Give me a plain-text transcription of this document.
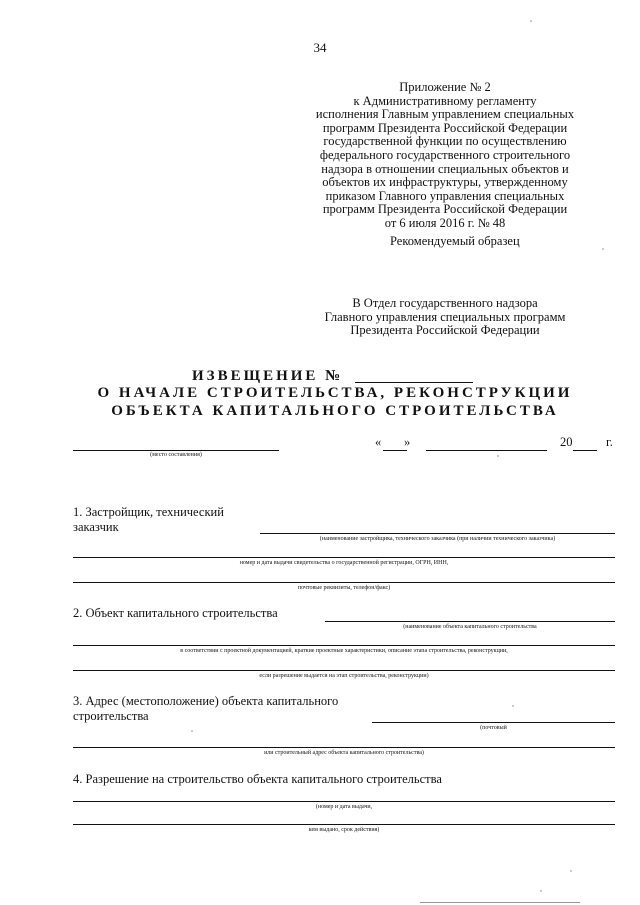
34
Приложение № 2
к Административному регламенту
исполнения Главным управлением специальных
программ Президента Российской Федерации
государственной функции по осуществлению
федерального государственного строительного
надзора в отношении специальных объектов и
объектов их инфраструктуры, утвержденному
приказом Главного управления специальных
программ Президента Российской Федерации
от 6 июля 2016 г. № 48
Рекомендуемый образец
В Отдел государственного надзора
Главного управления специальных программ
Президента Российской Федерации
ИЗВЕЩЕНИЕ №
О НАЧАЛЕ СТРОИТЕЛЬСТВА, РЕКОНСТРУКЦИИ
ОБЪЕКТА КАПИТАЛЬНОГО СТРОИТЕЛЬСТВА
(место составления)
« »	20	г.
1. Застройщик, технический
заказчик
(наименование застройщика, технического заказчика (при наличии технического заказчика)
номер и дата выдачи свидетельства о государственной регистрации, ОГРН, ИНН,
почтовые реквизиты, телефон/факс)
2. Объект капитального строительства
(наименование объекта капитального строительства
в соответствии с проектной документацией, краткие проектные характеристики, описание этапа строительства, реконструкции,
если разрешение выдается на этап строительства, реконструкции)
3. Адрес (местоположение) объекта капитального
строительства
(почтовый
или строительный адрес объекта капитального строительства)
4. Разрешение на строительство объекта капитального строительства
(номер и дата выдачи,
кем выдано, срок действия)
